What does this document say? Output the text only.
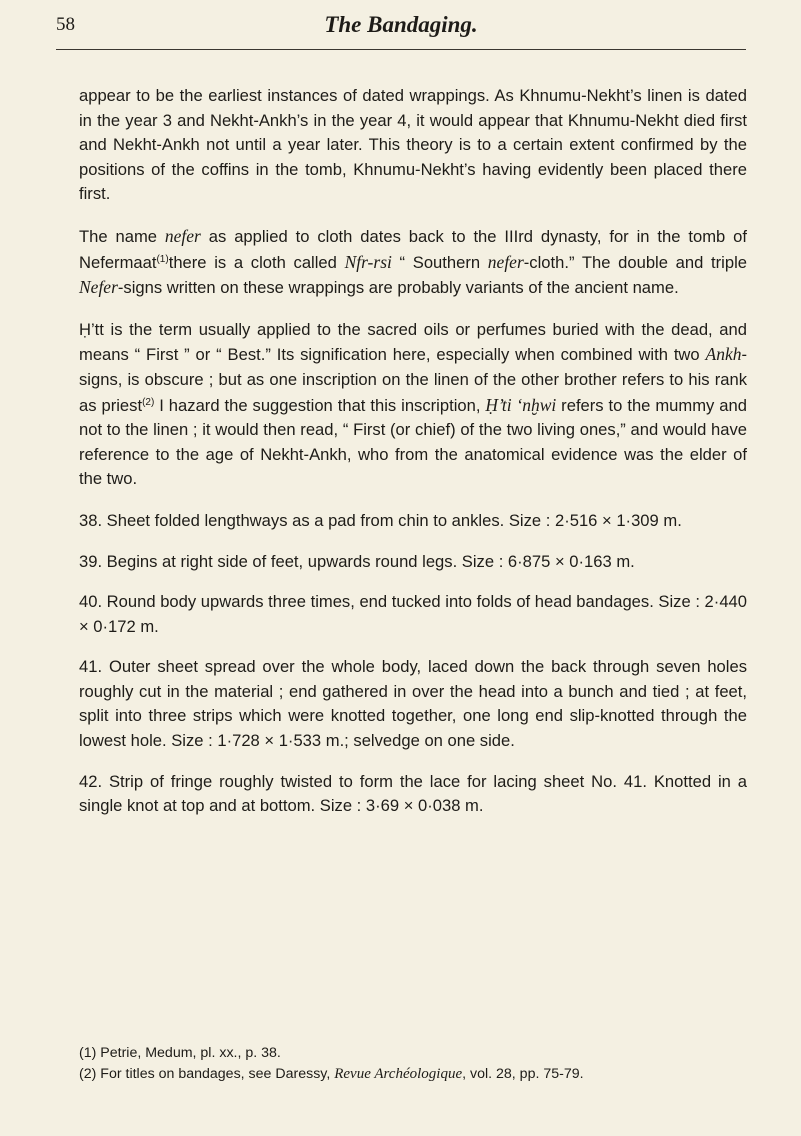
58	The Bandaging.

appear to be the earliest instances of dated wrappings. As Khnumu-Nekht’s linen is dated in the year 3 and Nekht-Ankh’s in the year 4, it would appear that Khnumu-Nekht died first and Nekht-Ankh not until a year later. This theory is to a certain extent confirmed by the positions of the coffins in the tomb, Khnumu-Nekht’s having evidently been placed there first.

The name nefer as applied to cloth dates back to the IIIrd dynasty, for in the tomb of Nefermaat$^{(1)}$there is a cloth called Nfr-rsi “ Southern nefer-cloth.” The double and triple Nefer-signs written on these wrappings are probably variants of the ancient name.

Ḥ’tt is the term usually applied to the sacred oils or perfumes buried with the dead, and means “ First ” or “ Best.” Its signification here, especially when combined with two Ankh-signs, is obscure ; but as one inscription on the linen of the other brother refers to his rank as priest$^{(2)}$ I hazard the suggestion that this inscription, Ḥ’ti ‘nḫwi refers to the mummy and not to the linen ; it would then read, “ First (or chief) of the two living ones,” and would have reference to the age of Nekht-Ankh, who from the anatomical evidence was the elder of the two.

38. Sheet folded lengthways as a pad from chin to ankles. Size : 2·516 × 1·309 m.

39. Begins at right side of feet, upwards round legs. Size : 6·875 × 0·163 m.

40. Round body upwards three times, end tucked into folds of head bandages. Size : 2·440 × 0·172 m.

41. Outer sheet spread over the whole body, laced down the back through seven holes roughly cut in the material ; end gathered in over the head into a bunch and tied ; at feet, split into three strips which were knotted together, one long end slip-knotted through the lowest hole. Size : 1·728 × 1·533 m.; selvedge on one side.

42. Strip of fringe roughly twisted to form the lace for lacing sheet No. 41. Knotted in a single knot at top and at bottom. Size : 3·69 × 0·038 m.

(1) Petrie, Medum, pl. xx., p. 38.
(2) For titles on bandages, see Daressy, Revue Archéologique, vol. 28, pp. 75-79.
